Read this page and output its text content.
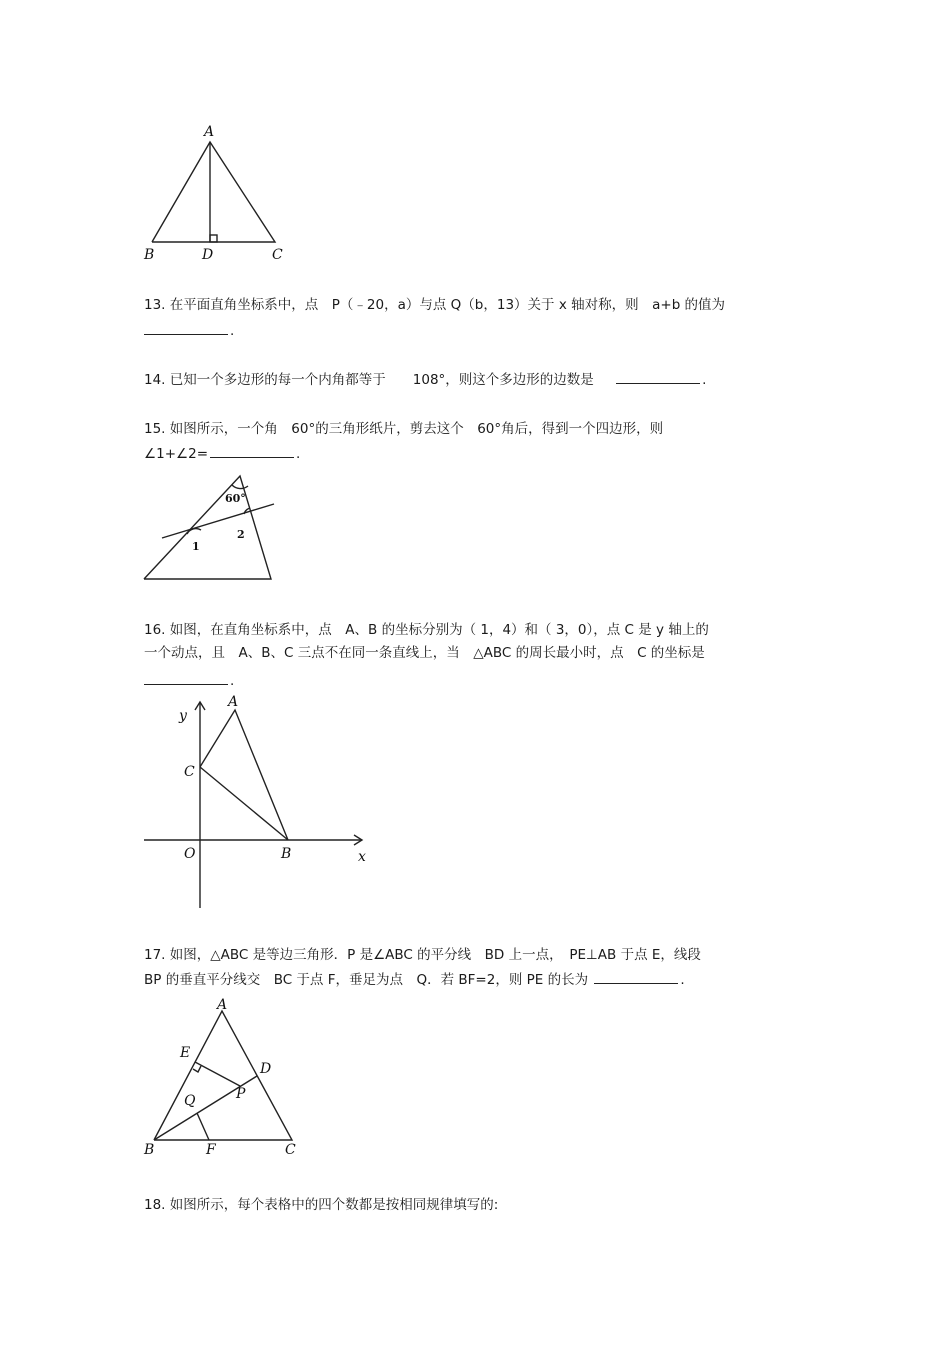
A
B	D	C
13. 在平面直角坐标系中，点　P（﹣20，a）与点 Q（b，13）关于 x 轴对称，则　a+b 的值为
.
14. 已知一个多边形的每一个内角都等于　　108°，则这个多边形的边数是	.
15. 如图所示，一个角　60°的三角形纸片，剪去这个　60°角后，得到一个四边形，则
∠1+∠2=	.
60°
1
2
16. 如图，在直角坐标系中，点　A、B 的坐标分别为（ 1，4）和（ 3，0），点 C 是 y 轴上的
一个动点，且　A、B、C 三点不在同一条直线上，当　△ABC 的周长最小时，点　C 的坐标是
.
A
C
O	B	x
y
17. 如图，△ABC 是等边三角形．P 是∠ABC 的平分线　BD 上一点，　PE⊥AB 于点 E，线段
BP 的垂直平分线交　BC 于点 F，垂足为点　Q．若 BF=2，则 PE 的长为	.
A
E
D
P
Q
B	F	C
18. 如图所示，每个表格中的四个数都是按相同规律填写的:
